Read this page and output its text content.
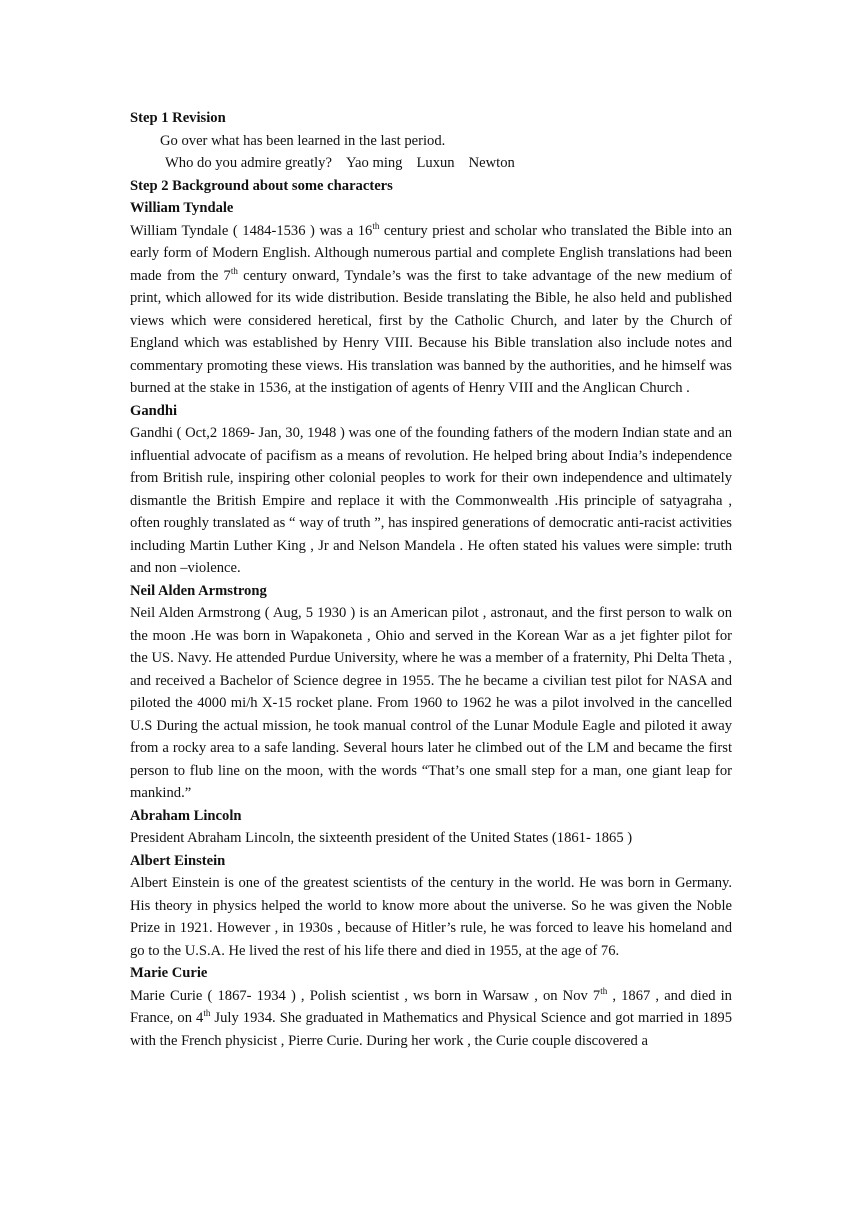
Step 1 Revision

Go over what has been learned in the last period.

Who do you admire greatly? Yao ming Luxun Newton

Step 2 Background about some characters

William Tyndale

William Tyndale ( 1484-1536 ) was a 16th century priest and scholar who translated the Bible into an early form of Modern English. Although numerous partial and complete English translations had been made from the 7th century onward, Tyndale’s was the first to take advantage of the new medium of print, which allowed for its wide distribution. Beside translating the Bible, he also held and published views which were considered heretical, first by the Catholic Church, and later by the Church of England which was established by Henry VIII. Because his Bible translation also include notes and commentary promoting these views. His translation was banned by the authorities, and he himself was burned at the stake in 1536, at the instigation of agents of Henry VIII and the Anglican Church .

Gandhi

Gandhi ( Oct,2 1869- Jan, 30, 1948 ) was one of the founding fathers of the modern Indian state and an influential advocate of pacifism as a means of revolution. He helped bring about India’s independence from British rule, inspiring other colonial peoples to work for their own independence and ultimately dismantle the British Empire and replace it with the Commonwealth .His principle of satyagraha , often roughly translated as “ way of truth ”, has inspired generations of democratic anti-racist activities including Martin Luther King , Jr and Nelson Mandela . He often stated his values were simple: truth and non –violence.

Neil Alden Armstrong

Neil Alden Armstrong ( Aug, 5 1930 ) is an American pilot , astronaut, and the first person to walk on the moon .He was born in Wapakoneta , Ohio and served in the Korean War as a jet fighter pilot for the US. Navy. He attended Purdue University, where he was a member of a fraternity, Phi Delta Theta , and received a Bachelor of Science degree in 1955. The he became a civilian test pilot for NASA and piloted the 4000 mi/h X-15 rocket plane. From 1960 to 1962 he was a pilot involved in the cancelled U.S During the actual mission, he took manual control of the Lunar Module Eagle and piloted it away from a rocky area to a safe landing. Several hours later he climbed out of the LM and became the first person to flub line on the moon, with the words “That’s one small step for a man, one giant leap for mankind.”

Abraham Lincoln

President Abraham Lincoln, the sixteenth president of the United States (1861- 1865 )

Albert Einstein

Albert Einstein is one of the greatest scientists of the century in the world. He was born in Germany. His theory in physics helped the world to know more about the universe. So he was given the Noble Prize in 1921. However , in 1930s , because of Hitler’s rule, he was forced to leave his homeland and go to the U.S.A. He lived the rest of his life there and died in 1955, at the age of 76.

Marie Curie

Marie Curie ( 1867- 1934 ) , Polish scientist , ws born in Warsaw , on Nov 7th , 1867 , and died in France, on 4th July 1934. She graduated in Mathematics and Physical Science and got married in 1895 with the French physicist , Pierre Curie. During her work , the Curie couple discovered a
